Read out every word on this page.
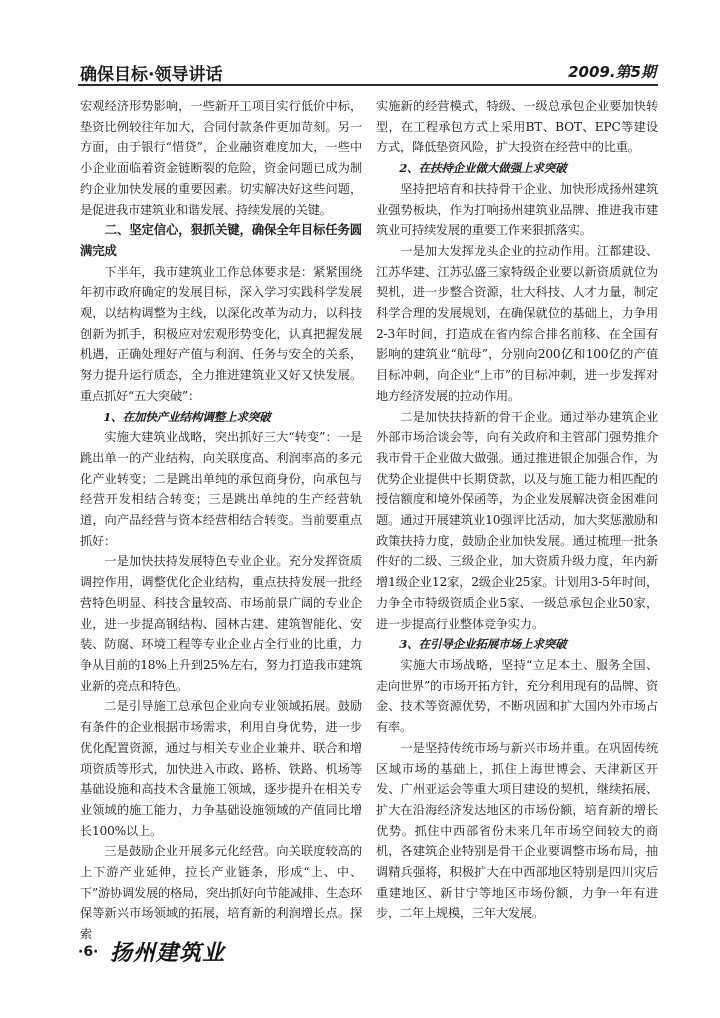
确保目标·领导讲话	2009.第5期

宏观经济形势影响，一些新开工项目实行低价中标，垫资比例较往年加大，合同付款条件更加苛刻。另一方面，由于银行“惜贷”，企业融资难度加大，一些中小企业面临着资金链断裂的危险，资金问题已成为制约企业加快发展的重要因素。切实解决好这些问题，是促进我市建筑业和谐发展、持续发展的关键。

二、坚定信心，狠抓关键，确保全年目标任务圆满完成

下半年，我市建筑业工作总体要求是：紧紧围绕年初市政府确定的发展目标，深入学习实践科学发展观，以结构调整为主线，以深化改革为动力，以科技创新为抓手，积极应对宏观形势变化，认真把握发展机遇，正确处理好产值与利润、任务与安全的关系，努力提升运行质态，全力推进建筑业又好又快发展。重点抓好“五大突破”：

1、在加快产业结构调整上求突破

实施大建筑业战略，突出抓好三大“转变”：一是跳出单一的产业结构，向关联度高、利润率高的多元化产业转变；二是跳出单纯的承包商身份，向承包与经营开发相结合转变；三是跳出单纯的生产经营轨道，向产品经营与资本经营相结合转变。当前要重点抓好：

一是加快扶持发展特色专业企业。充分发挥资质调控作用，调整优化企业结构，重点扶持发展一批经营特色明显、科技含量较高、市场前景广阔的专业企业，进一步提高钢结构、园林古建、建筑智能化、安装、防腐、环境工程等专业企业占全行业的比重，力争从目前的18%上升到25%左右，努力打造我市建筑业新的亮点和特色。

二是引导施工总承包企业向专业领域拓展。鼓励有条件的企业根据市场需求，利用自身优势，进一步优化配置资源，通过与相关专业企业兼并、联合和增项资质等形式，加快进入市政、路桥、铁路、机场等基础设施和高技术含量施工领域，逐步提升在相关专业领域的施工能力，力争基础设施领域的产值同比增长100%以上。

三是鼓励企业开展多元化经营。向关联度较高的上下游产业延伸，拉长产业链条，形成“上、中、下”游协调发展的格局，突出抓好向节能减排、生态环保等新兴市场领域的拓展，培育新的利润增长点。探索

实施新的经营模式，特级、一级总承包企业要加快转型，在工程承包方式上采用BT、BOT、EPC等建设方式，降低垫资风险，扩大投资在经营中的比重。

2、在扶持企业做大做强上求突破

坚持把培育和扶持骨干企业、加快形成扬州建筑业强势板块，作为打响扬州建筑业品牌、推进我市建筑业可持续发展的重要工作来狠抓落实。

一是加大发挥龙头企业的拉动作用。江都建设、江苏华建、江苏弘盛三家特级企业要以新资质就位为契机，进一步整合资源，壮大科技、人才力量，制定科学合理的发展规划，在确保就位的基础上，力争用2-3年时间，打造成在省内综合排名前移、在全国有影响的建筑业“航母”，分别向200亿和100亿的产值目标冲刺，向企业“上市”的目标冲刺，进一步发挥对地方经济发展的拉动作用。

二是加快扶持新的骨干企业。通过举办建筑企业外部市场洽谈会等，向有关政府和主管部门强势推介我市骨干企业做大做强。通过推进银企加强合作，为优势企业提供中长期贷款，以及与施工能力相匹配的授信额度和境外保函等，为企业发展解决资金困难问题。通过开展建筑业10强评比活动，加大奖惩激励和政策扶持力度，鼓励企业加快发展。通过梳理一批条件好的二级、三级企业，加大资质升级力度，年内新增1级企业12家，2级企业25家。计划用3-5年时间，力争全市特级资质企业5家、一级总承包企业50家，进一步提高行业整体竞争实力。

3、在引导企业拓展市场上求突破

实施大市场战略，坚持“立足本土、服务全国、走向世界”的市场开拓方针，充分利用现有的品牌、资金、技术等资源优势，不断巩固和扩大国内外市场占有率。

一是坚持传统市场与新兴市场并重。在巩固传统区域市场的基础上，抓住上海世博会、天津新区开发、广州亚运会等重大项目建设的契机，继续拓展、扩大在沿海经济发达地区的市场份额，培育新的增长优势。抓住中西部省份未来几年市场空间较大的商机，各建筑企业特别是骨干企业要调整市场布局，抽调精兵强将，积极扩大在中西部地区特别是四川灾后重建地区、新甘宁等地区市场份额，力争一年有进步，二年上规模，三年大发展。

·6· 扬州建筑业
